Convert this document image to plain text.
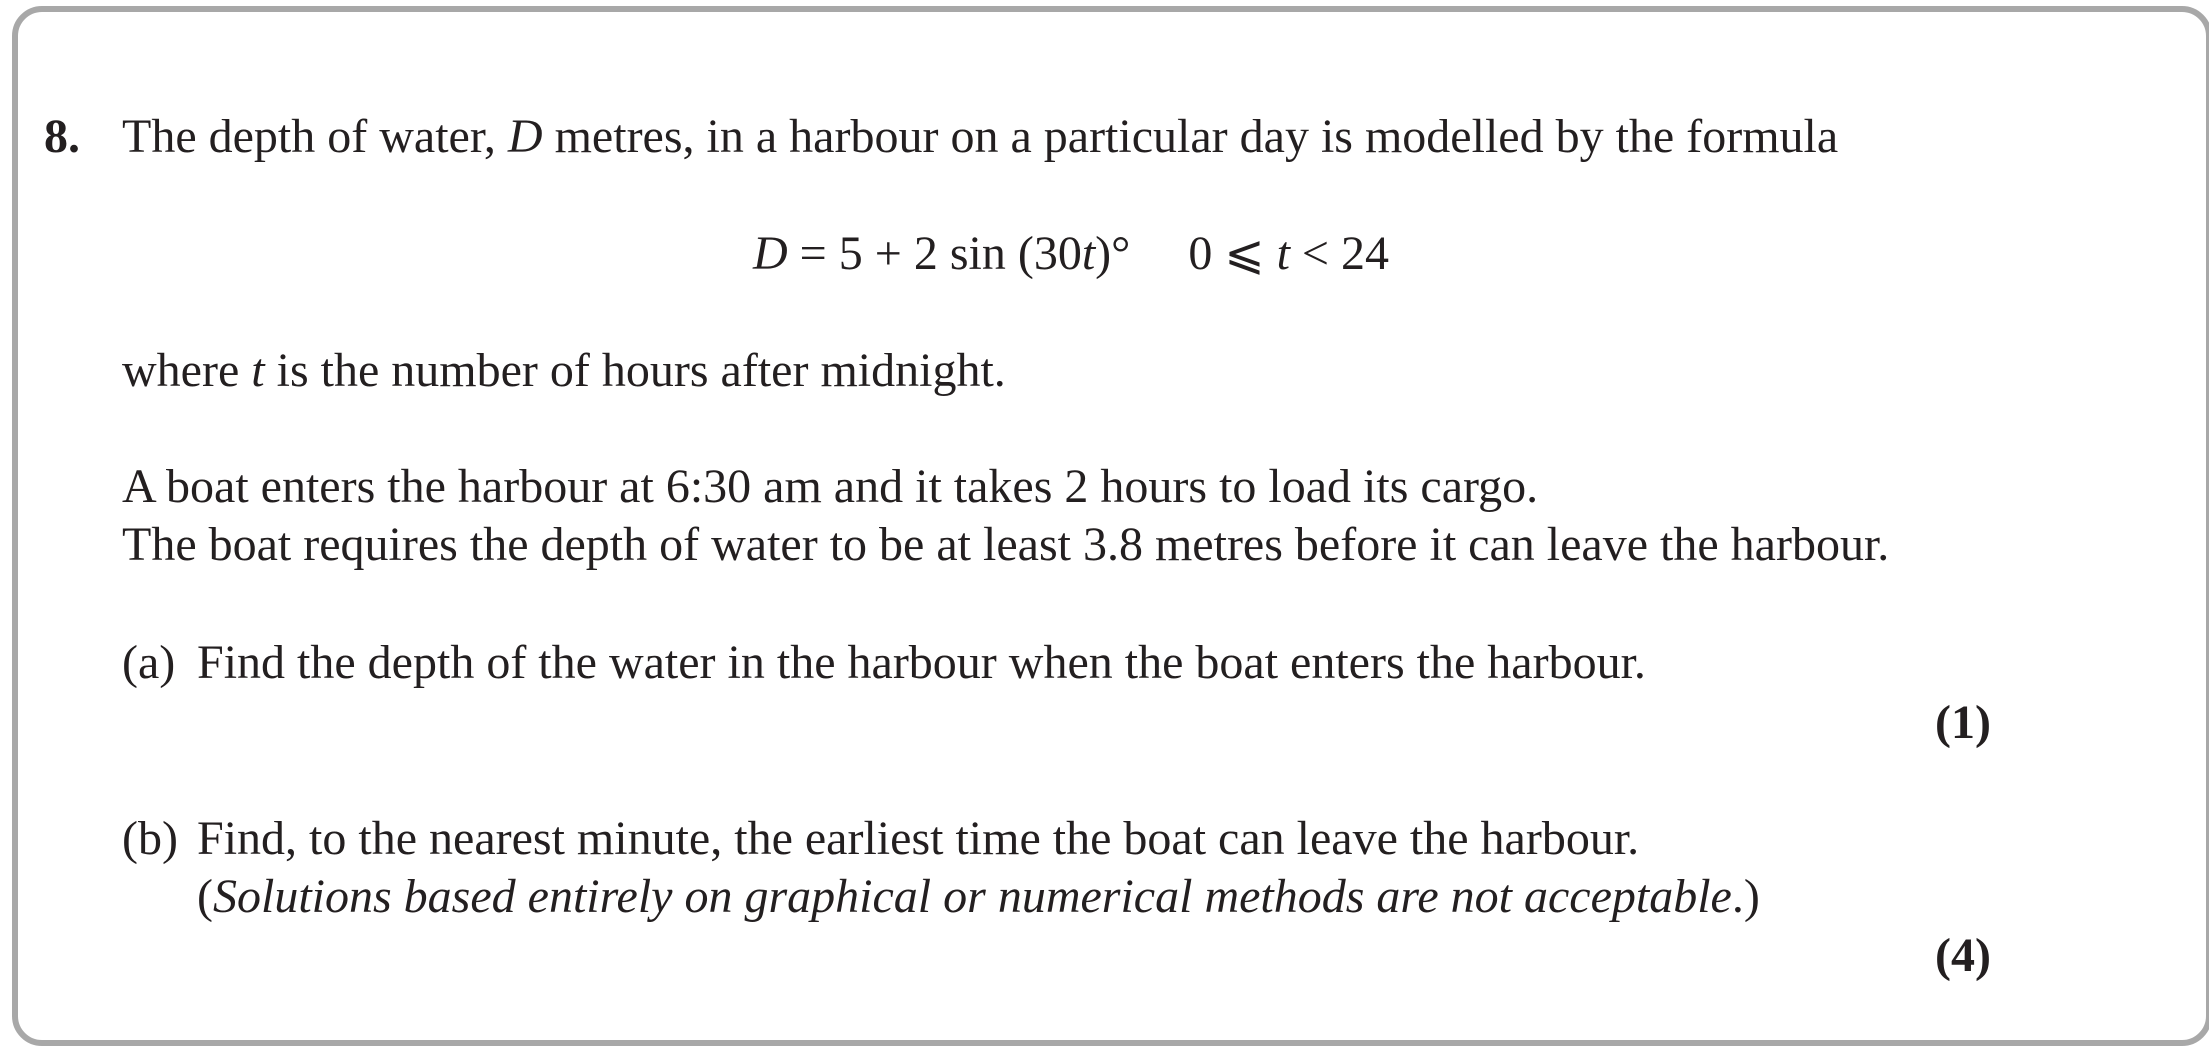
8. The depth of water, D metres, in a harbour on a particular day is modelled by the formula
D = 5 + 2 sin (30t)° 0 ⩽ t < 24
where t is the number of hours after midnight.
A boat enters the harbour at 6:30 am and it takes 2 hours to load its cargo.
The boat requires the depth of water to be at least 3.8 metres before it can leave the harbour.
(a) Find the depth of the water in the harbour when the boat enters the harbour.
(1)
(b) Find, to the nearest minute, the earliest time the boat can leave the harbour.
(Solutions based entirely on graphical or numerical methods are not acceptable.)
(4)
